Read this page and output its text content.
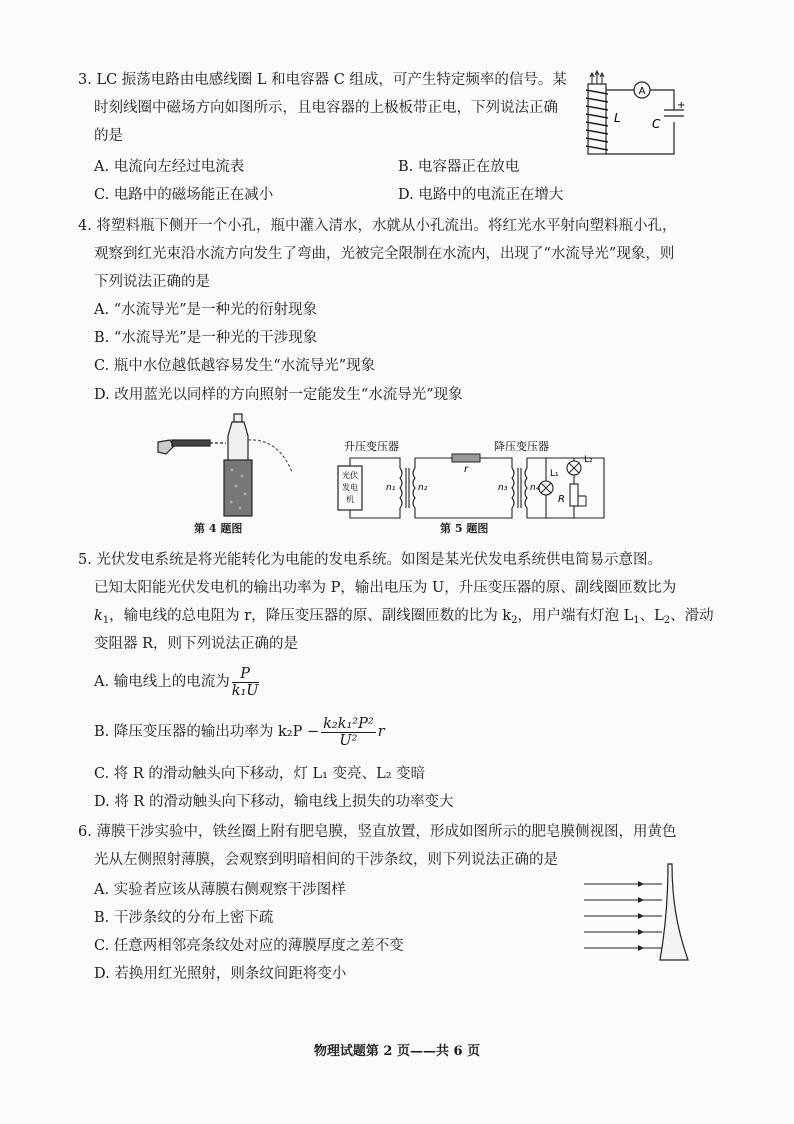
3. LC 振荡电路由电感线圈 L 和电容器 C 组成，可产生特定频率的信号。某
时刻线圈中磁场方向如图所示，且电容器的上极板带正电，下列说法正确
的是
A. 电流向左经过电流表	B. 电容器正在放电
C. 电路中的磁场能正在减小	D. 电路中的电流正在增大
A
L	C
+
4. 将塑料瓶下侧开一个小孔，瓶中灌入清水，水就从小孔流出。将红光水平射向塑料瓶小孔，
观察到红光束沿水流方向发生了弯曲，光被完全限制在水流内，出现了“水流导光”现象，则
下列说法正确的是
A. “水流导光”是一种光的衍射现象
B. “水流导光”是一种光的干涉现象
C. 瓶中水位越低越容易发生“水流导光”现象
D. 改用蓝光以同样的方向照射一定能发生“水流导光”现象
第 4 题图
升压变压器	降压变压器
光伏
发电
机
r
n₁	n₂	n₃	n₄
L₁
L₂
R
第 5 题图
5. 光伏发电系统是将光能转化为电能的发电系统。如图是某光伏发电系统供电简易示意图。
已知太阳能光伏发电机的输出功率为 P，输出电压为 U，升压变压器的原、副线圈匝数比为
$k_1$，输电线的总电阻为 r，降压变压器的原、副线圈匝数的比为 $k_2$，用户端有灯泡 $L_1$、$L_2$、滑动
变阻器 R，则下列说法正确的是
A. 输电线上的电流为 $\frac{P}{\text{k₁U}}$
B. 降压变压器的输出功率为 $k_2P - \frac{\text{k₂k₁²P²}}{\text{U²}}$ r
C. 将 R 的滑动触头向下移动，灯 L₁ 变亮、L₂ 变暗
D. 将 R 的滑动触头向下移动，输电线上损失的功率变大
6. 薄膜干涉实验中，铁丝圈上附有肥皂膜，竖直放置，形成如图所示的肥皂膜侧视图，用黄色
光从左侧照射薄膜，会观察到明暗相间的干涉条纹，则下列说法正确的是
A. 实验者应该从薄膜右侧观察干涉图样
B. 干涉条纹的分布上密下疏
C. 任意两相邻亮条纹处对应的薄膜厚度之差不变
D. 若换用红光照射，则条纹间距将变小
物理试题第 2 页——共 6 页
